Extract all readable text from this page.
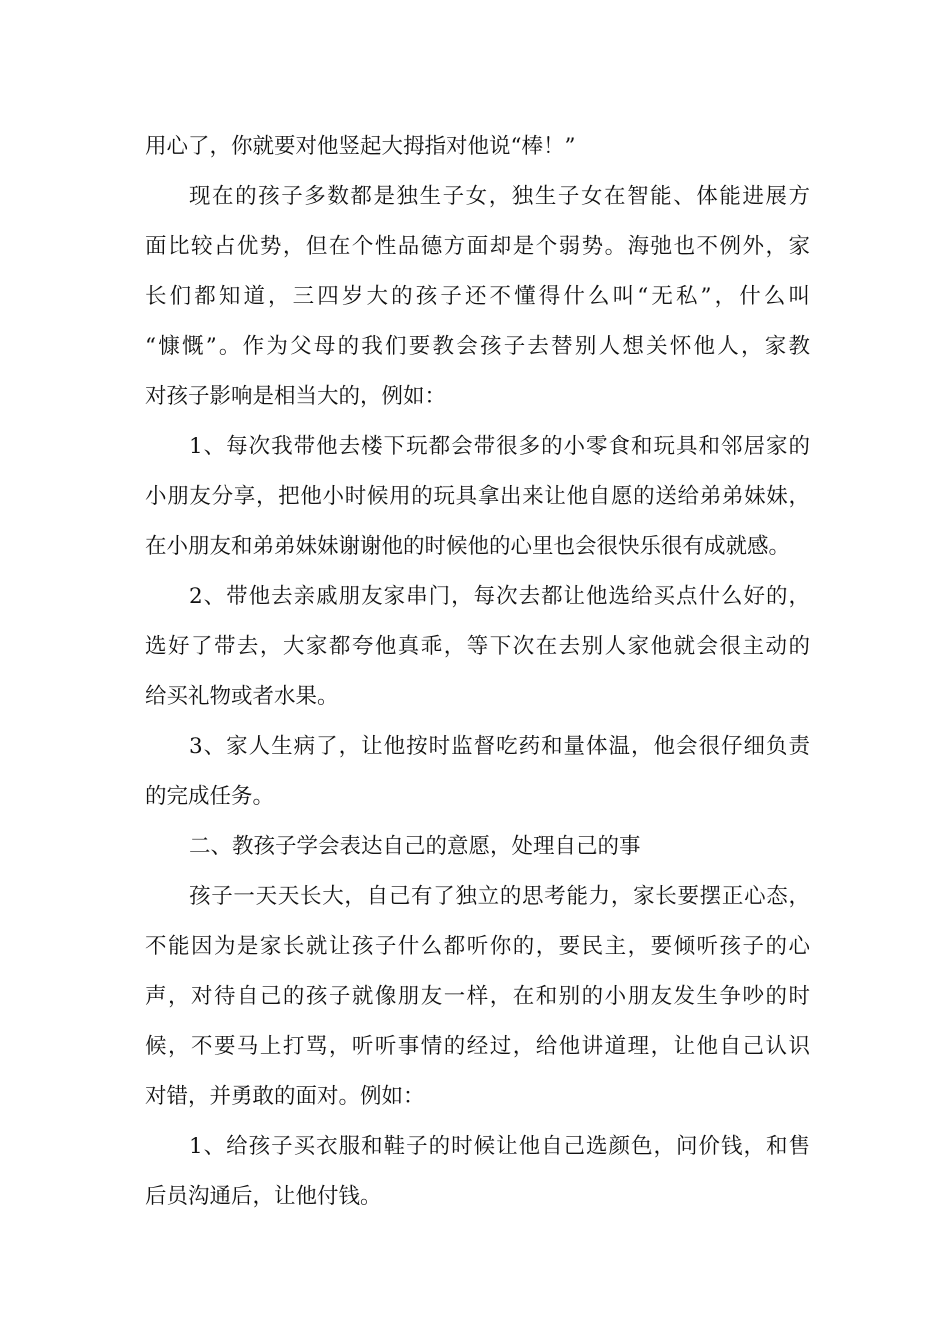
用心了，你就要对他竖起大拇指对他说“棒！”
现在的孩子多数都是独生子女，独生子女在智能、体能进展方
面比较占优势，但在个性品德方面却是个弱势。海弛也不例外，家
长们都知道，三四岁大的孩子还不懂得什么叫“无私”，什么叫
“慷慨”。作为父母的我们要教会孩子去替别人想关怀他人，家教
对孩子影响是相当大的，例如：
1、每次我带他去楼下玩都会带很多的小零食和玩具和邻居家的
小朋友分享，把他小时候用的玩具拿出来让他自愿的送给弟弟妹妹，
在小朋友和弟弟妹妹谢谢他的时候他的心里也会很快乐很有成就感。
2、带他去亲戚朋友家串门，每次去都让他选给买点什么好的，
选好了带去，大家都夸他真乖，等下次在去别人家他就会很主动的
给买礼物或者水果。
3、家人生病了，让他按时监督吃药和量体温，他会很仔细负责
的完成任务。
二、教孩子学会表达自己的意愿，处理自己的事
孩子一天天长大，自己有了独立的思考能力，家长要摆正心态，
不能因为是家长就让孩子什么都听你的，要民主，要倾听孩子的心
声，对待自己的孩子就像朋友一样，在和别的小朋友发生争吵的时
候，不要马上打骂，听听事情的经过，给他讲道理，让他自己认识
对错，并勇敢的面对。例如：
1、给孩子买衣服和鞋子的时候让他自己选颜色，问价钱，和售
后员沟通后，让他付钱。
